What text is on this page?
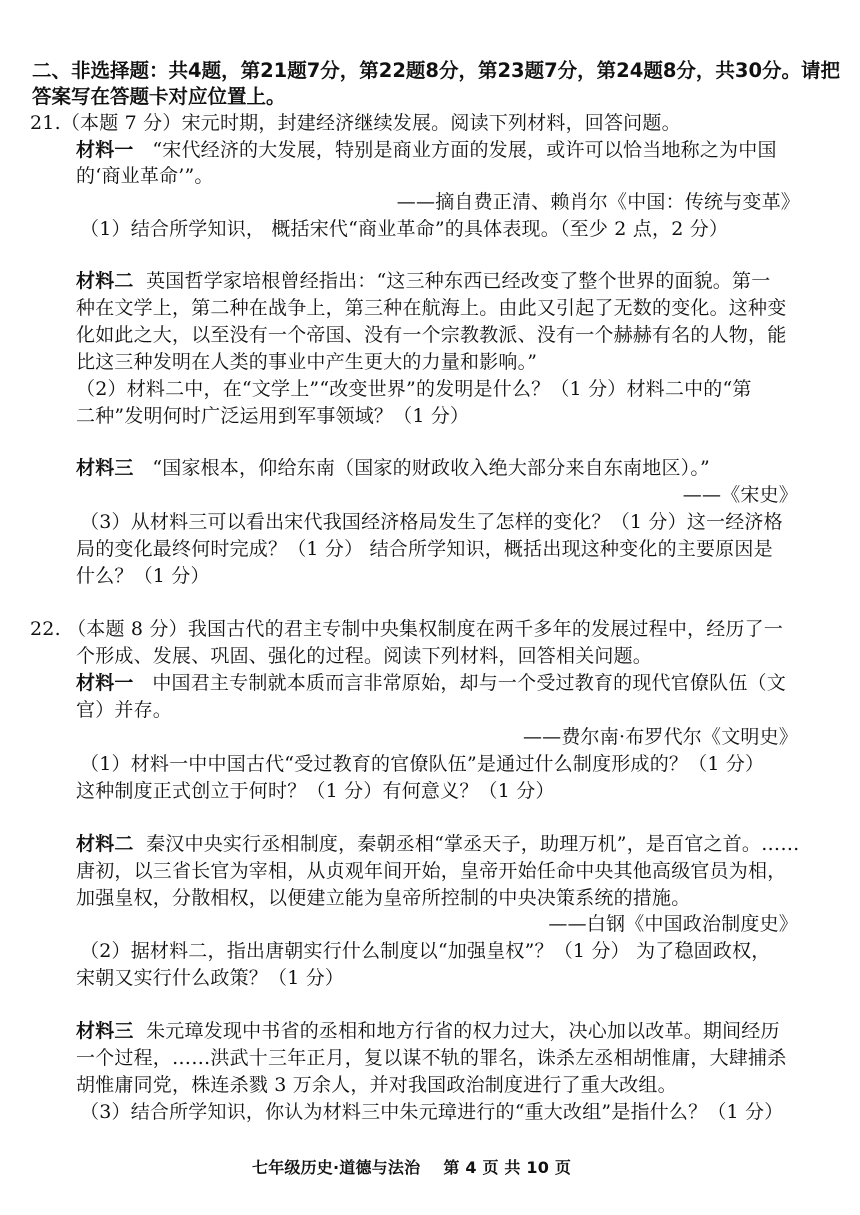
二、非选择题：共4题，第21题7分，第22题8分，第23题7分，第24题8分，共30分。请把

答案写在答题卡对应位置上。

21.（本题 7 分）宋元时期，封建经济继续发展。阅读下列材料，回答问题。

材料一 “宋代经济的大发展，特别是商业方面的发展，或许可以恰当地称之为中国

的‘商业革命’”。

——摘自费正清、赖肖尔《中国：传统与变革》

（1）结合所学知识， 概括宋代“商业革命”的具体表现。（至少 2 点，2 分）

材料二 英国哲学家培根曾经指出：“这三种东西已经改变了整个世界的面貌。第一

种在文学上，第二种在战争上，第三种在航海上。由此又引起了无数的变化。这种变

化如此之大，以至没有一个帝国、没有一个宗教教派、没有一个赫赫有名的人物，能

比这三种发明在人类的事业中产生更大的力量和影响。”

（2）材料二中，在“文学上”“改变世界”的发明是什么？（1 分）材料二中的“第

二种”发明何时广泛运用到军事领域？（1 分）

材料三 “国家根本，仰给东南（国家的财政收入绝大部分来自东南地区）。”

——《宋史》

（3）从材料三可以看出宋代我国经济格局发生了怎样的变化？（1 分）这一经济格

局的变化最终何时完成？（1 分） 结合所学知识，概括出现这种变化的主要原因是

什么？（1 分）

22. （本题 8 分）我国古代的君主专制中央集权制度在两千多年的发展过程中，经历了一

个形成、发展、巩固、强化的过程。阅读下列材料，回答相关问题。

材料一 中国君主专制就本质而言非常原始，却与一个受过教育的现代官僚队伍（文

官）并存。

——费尔南·布罗代尔《文明史》

（1）材料一中中国古代“受过教育的官僚队伍”是通过什么制度形成的？（1 分）

这种制度正式创立于何时？（1 分）有何意义？（1 分）

材料二 秦汉中央实行丞相制度，秦朝丞相“掌丞天子，助理万机”，是百官之首。……

唐初，以三省长官为宰相，从贞观年间开始，皇帝开始任命中央其他高级官员为相，

加强皇权，分散相权，以便建立能为皇帝所控制的中央决策系统的措施。

——白钢《中国政治制度史》

（2）据材料二，指出唐朝实行什么制度以“加强皇权”？（1 分） 为了稳固政权，

宋朝又实行什么政策？（1 分）

材料三 朱元璋发现中书省的丞相和地方行省的权力过大，决心加以改革。期间经历

一个过程，……洪武十三年正月，复以谋不轨的罪名，诛杀左丞相胡惟庸，大肆捕杀

胡惟庸同党，株连杀戮 3 万余人，并对我国政治制度进行了重大改组。

（3）结合所学知识，你认为材料三中朱元璋进行的“重大改组”是指什么？（1 分）

七年级历史·道德与法治 第 4 页 共 10 页
